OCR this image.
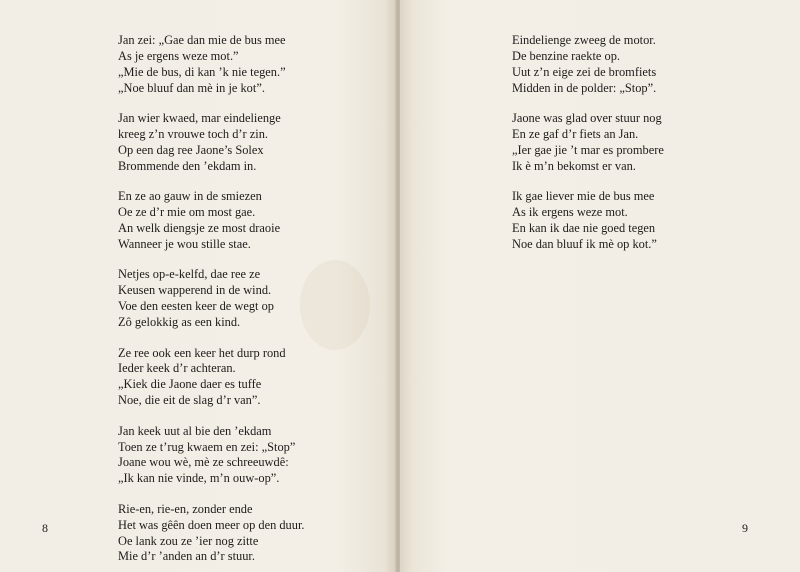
Jan zei: „Gae dan mie de bus mee
As je ergens weze mot.”
„Mie de bus, di kan ’k nie tegen.”
„Noe bluuf dan mè in je kot”.
Jan wier kwaed, mar eindelienge
kreeg z’n vrouwe toch d’r zin.
Op een dag ree Jaone’s Solex
Brommende den ’ekdam in.
En ze ao gauw in de smiezen
Oe ze d’r mie om most gae.
An welk diengsje ze most draoie
Wanneer je wou stille stae.
Netjes op-e-kelfd, dae ree ze
Keusen wapperend in de wind.
Voe den eesten keer de wegt op
Zô gelokkig as een kind.
Ze ree ook een keer het durp rond
Ieder keek d’r achteran.
„Kiek die Jaone daer es tuffe
Noe, die eit de slag d’r van”.
Jan keek uut al bie den ’ekdam
Toen ze t’rug kwaem en zei: „Stop”
Joane wou wè, mè ze schreeuwdê:
„Ik kan nie vinde, m’n ouw-op”.
Rie-en, rie-en, zonder ende
Het was gêên doen meer op den duur.
Oe lank zou ze ’ier nog zitte
Mie d’r ’anden an d’r stuur.
8
Eindelienge zweeg de motor.
De benzine raekte op.
Uut z’n eige zei de bromfiets
Midden in de polder: „Stop”.
Jaone was glad over stuur nog
En ze gaf d’r fiets an Jan.
„Ier gae jie ’t mar es prombere
Ik è m’n bekomst er van.
Ik gae liever mie de bus mee
As ik ergens weze mot.
En kan ik dae nie goed tegen
Noe dan bluuf ik mè op kot.”
9
